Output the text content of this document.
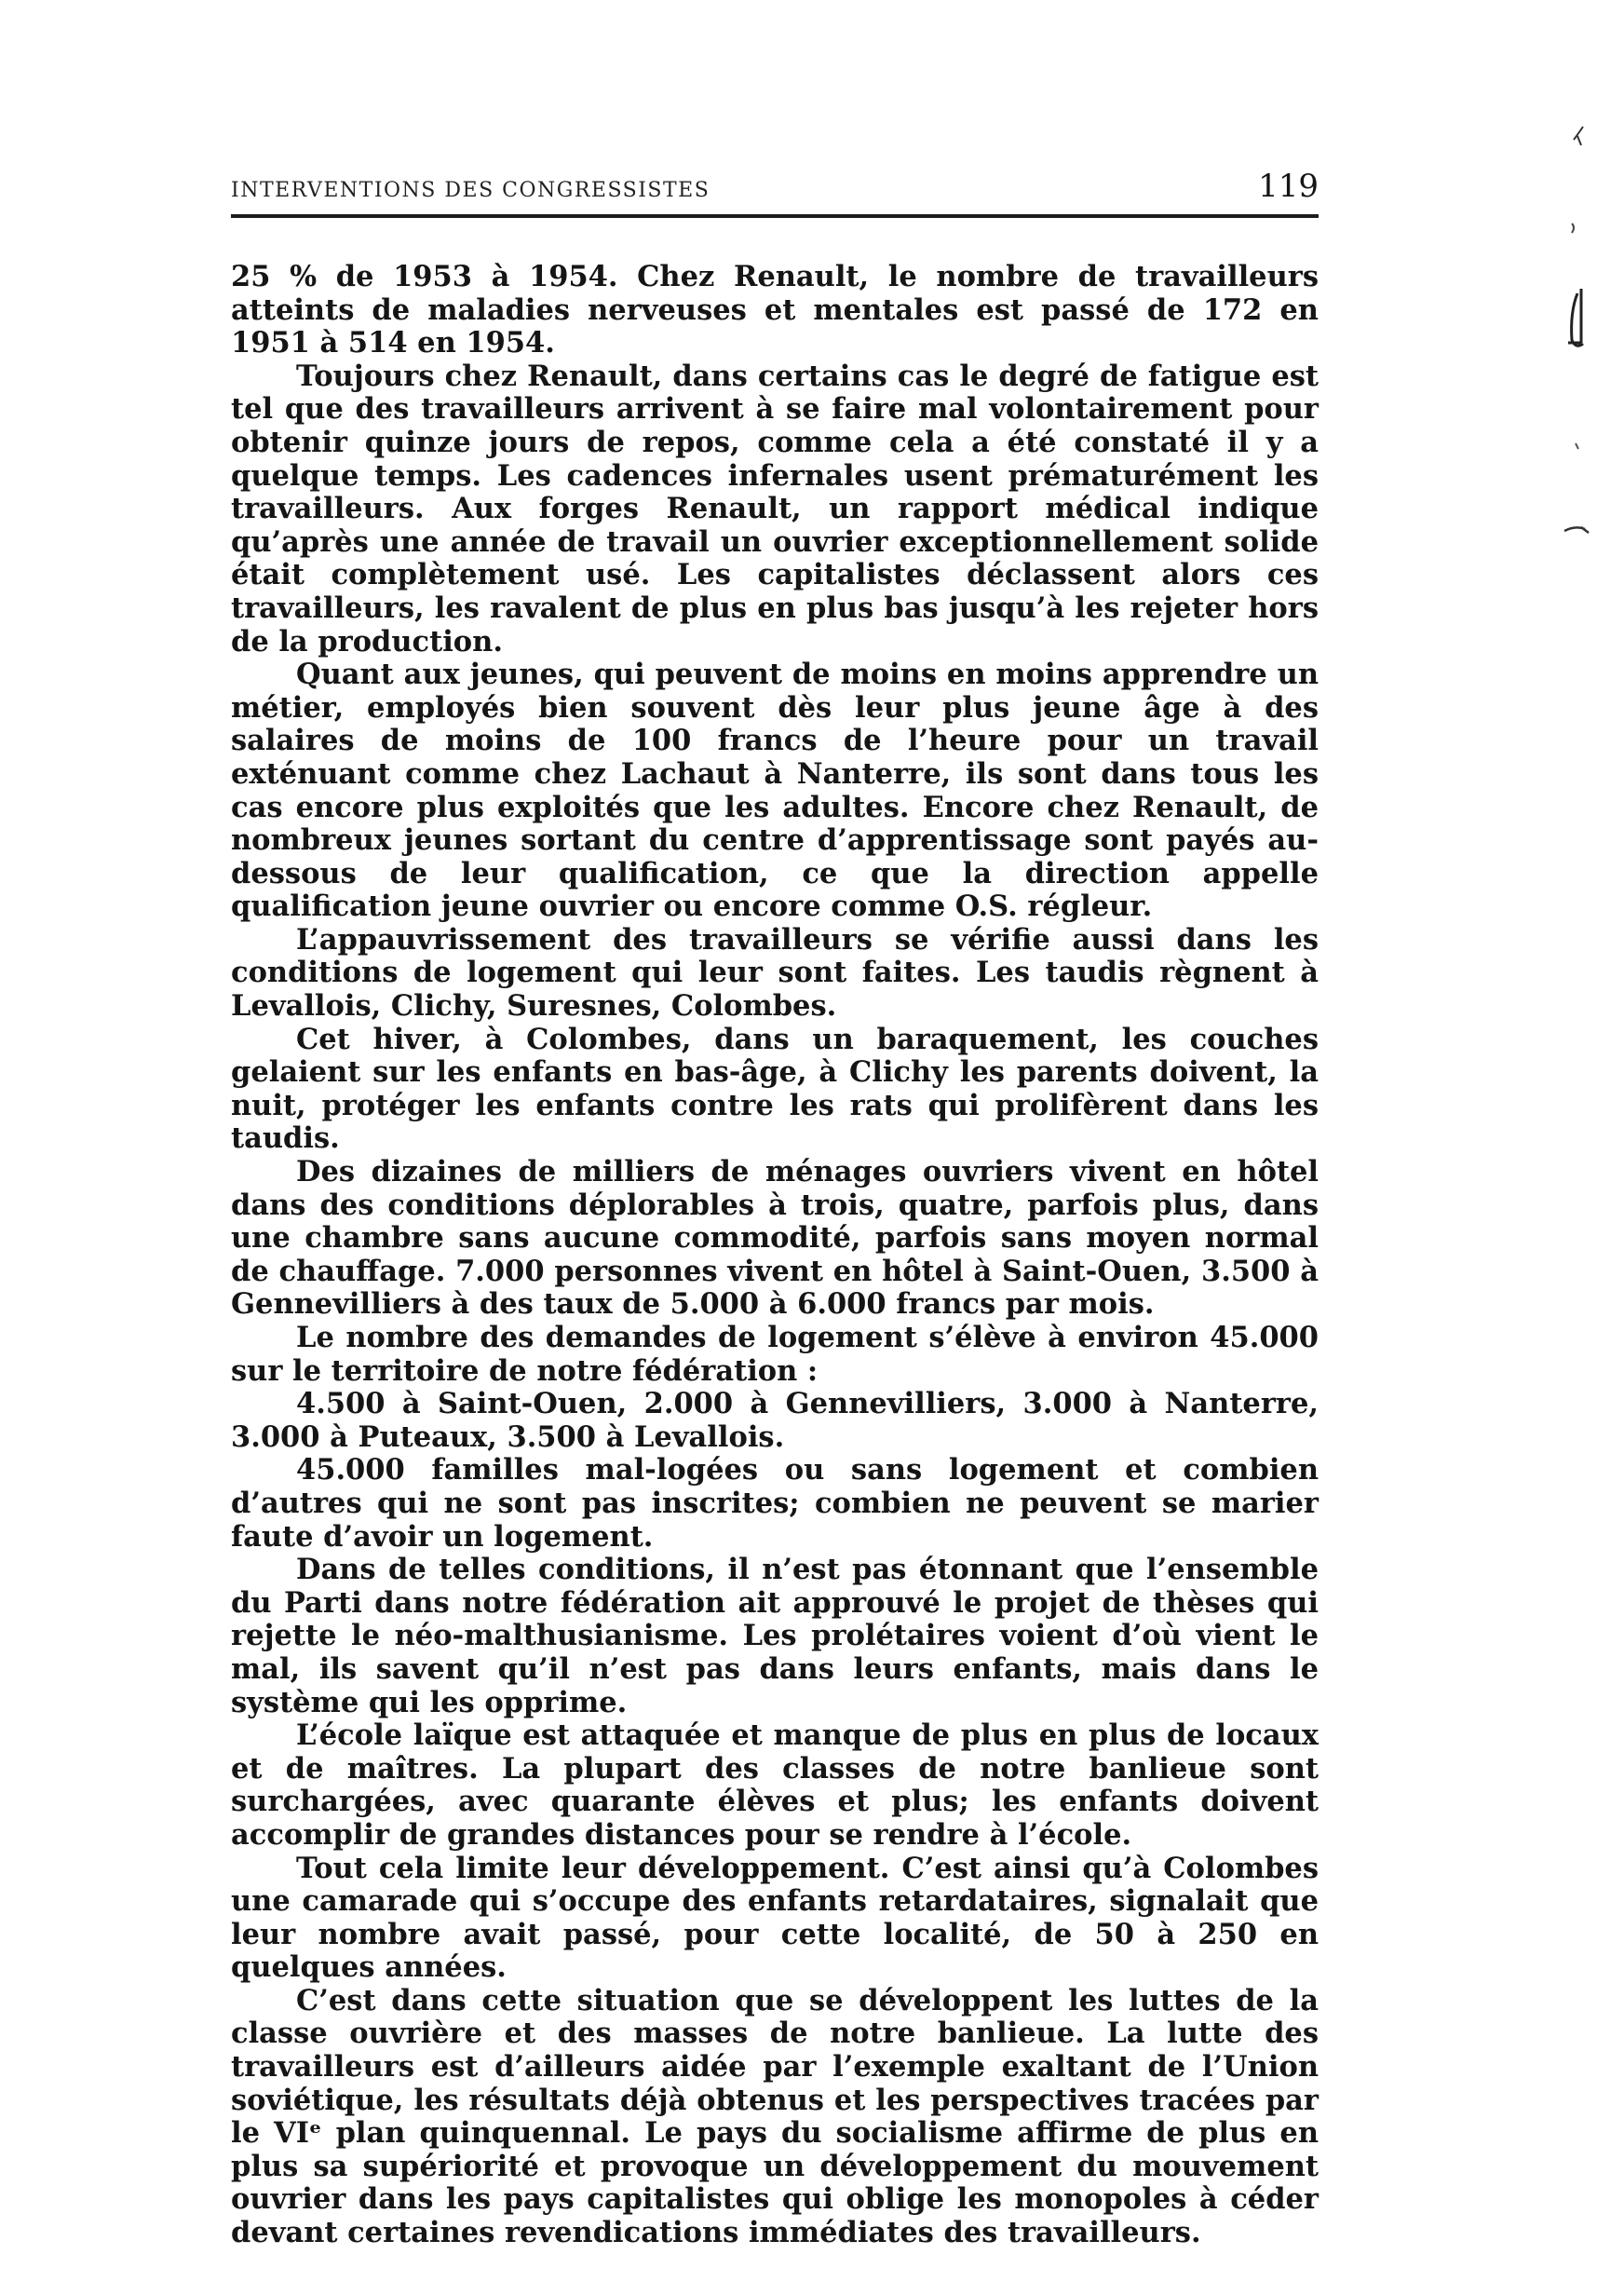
INTERVENTIONS DES CONGRESSISTES	119

25 % de 1953 à 1954. Chez Renault, le nombre de travailleurs atteints de maladies nerveuses et mentales est passé de 172 en 1951 à 514 en 1954.

Toujours chez Renault, dans certains cas le degré de fatigue est tel que des travailleurs arrivent à se faire mal volontairement pour obtenir quinze jours de repos, comme cela a été constaté il y a quelque temps. Les cadences infernales usent prématurément les travailleurs. Aux forges Renault, un rapport médical indique qu’après une année de travail un ouvrier exceptionnellement solide était complètement usé. Les capitalistes déclassent alors ces travailleurs, les ravalent de plus en plus bas jusqu’à les rejeter hors de la production.

Quant aux jeunes, qui peuvent de moins en moins apprendre un métier, employés bien souvent dès leur plus jeune âge à des salaires de moins de 100 francs de l’heure pour un travail exténuant comme chez Lachaut à Nanterre, ils sont dans tous les cas encore plus exploités que les adultes. Encore chez Renault, de nombreux jeunes sortant du centre d’apprentissage sont payés au-dessous de leur qualification, ce que la direction appelle qualification jeune ouvrier ou encore comme O.S. régleur.

L’appauvrissement des travailleurs se vérifie aussi dans les conditions de logement qui leur sont faites. Les taudis règnent à Levallois, Clichy, Suresnes, Colombes.

Cet hiver, à Colombes, dans un baraquement, les couches gelaient sur les enfants en bas-âge, à Clichy les parents doivent, la nuit, protéger les enfants contre les rats qui prolifèrent dans les taudis.

Des dizaines de milliers de ménages ouvriers vivent en hôtel dans des conditions déplorables à trois, quatre, parfois plus, dans une chambre sans aucune commodité, parfois sans moyen normal de chauffage. 7.000 personnes vivent en hôtel à Saint-Ouen, 3.500 à Gennevilliers à des taux de 5.000 à 6.000 francs par mois.

Le nombre des demandes de logement s’élève à environ 45.000 sur le territoire de notre fédération :

4.500 à Saint-Ouen, 2.000 à Gennevilliers, 3.000 à Nanterre, 3.000 à Puteaux, 3.500 à Levallois.

45.000 familles mal-logées ou sans logement et combien d’autres qui ne sont pas inscrites; combien ne peuvent se marier faute d’avoir un logement.

Dans de telles conditions, il n’est pas étonnant que l’ensemble du Parti dans notre fédération ait approuvé le projet de thèses qui rejette le néo-malthusianisme. Les prolétaires voient d’où vient le mal, ils savent qu’il n’est pas dans leurs enfants, mais dans le système qui les opprime.

L’école laïque est attaquée et manque de plus en plus de locaux et de maîtres. La plupart des classes de notre banlieue sont surchargées, avec quarante élèves et plus; les enfants doivent accomplir de grandes distances pour se rendre à l’école.

Tout cela limite leur développement. C’est ainsi qu’à Colombes une camarade qui s’occupe des enfants retardataires, signalait que leur nombre avait passé, pour cette localité, de 50 à 250 en quelques années.

C’est dans cette situation que se développent les luttes de la classe ouvrière et des masses de notre banlieue. La lutte des travailleurs est d’ailleurs aidée par l’exemple exaltant de l’Union soviétique, les résultats déjà obtenus et les perspectives tracées par le VIᵉ plan quinquennal. Le pays du socialisme affirme de plus en plus sa supériorité et provoque un développement du mouvement ouvrier dans les pays capitalistes qui oblige les monopoles à céder devant certaines revendications immédiates des travailleurs.
